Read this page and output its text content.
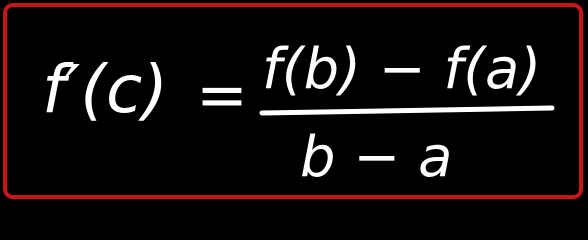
f′(c) = f(b) − f(a)
b − a
